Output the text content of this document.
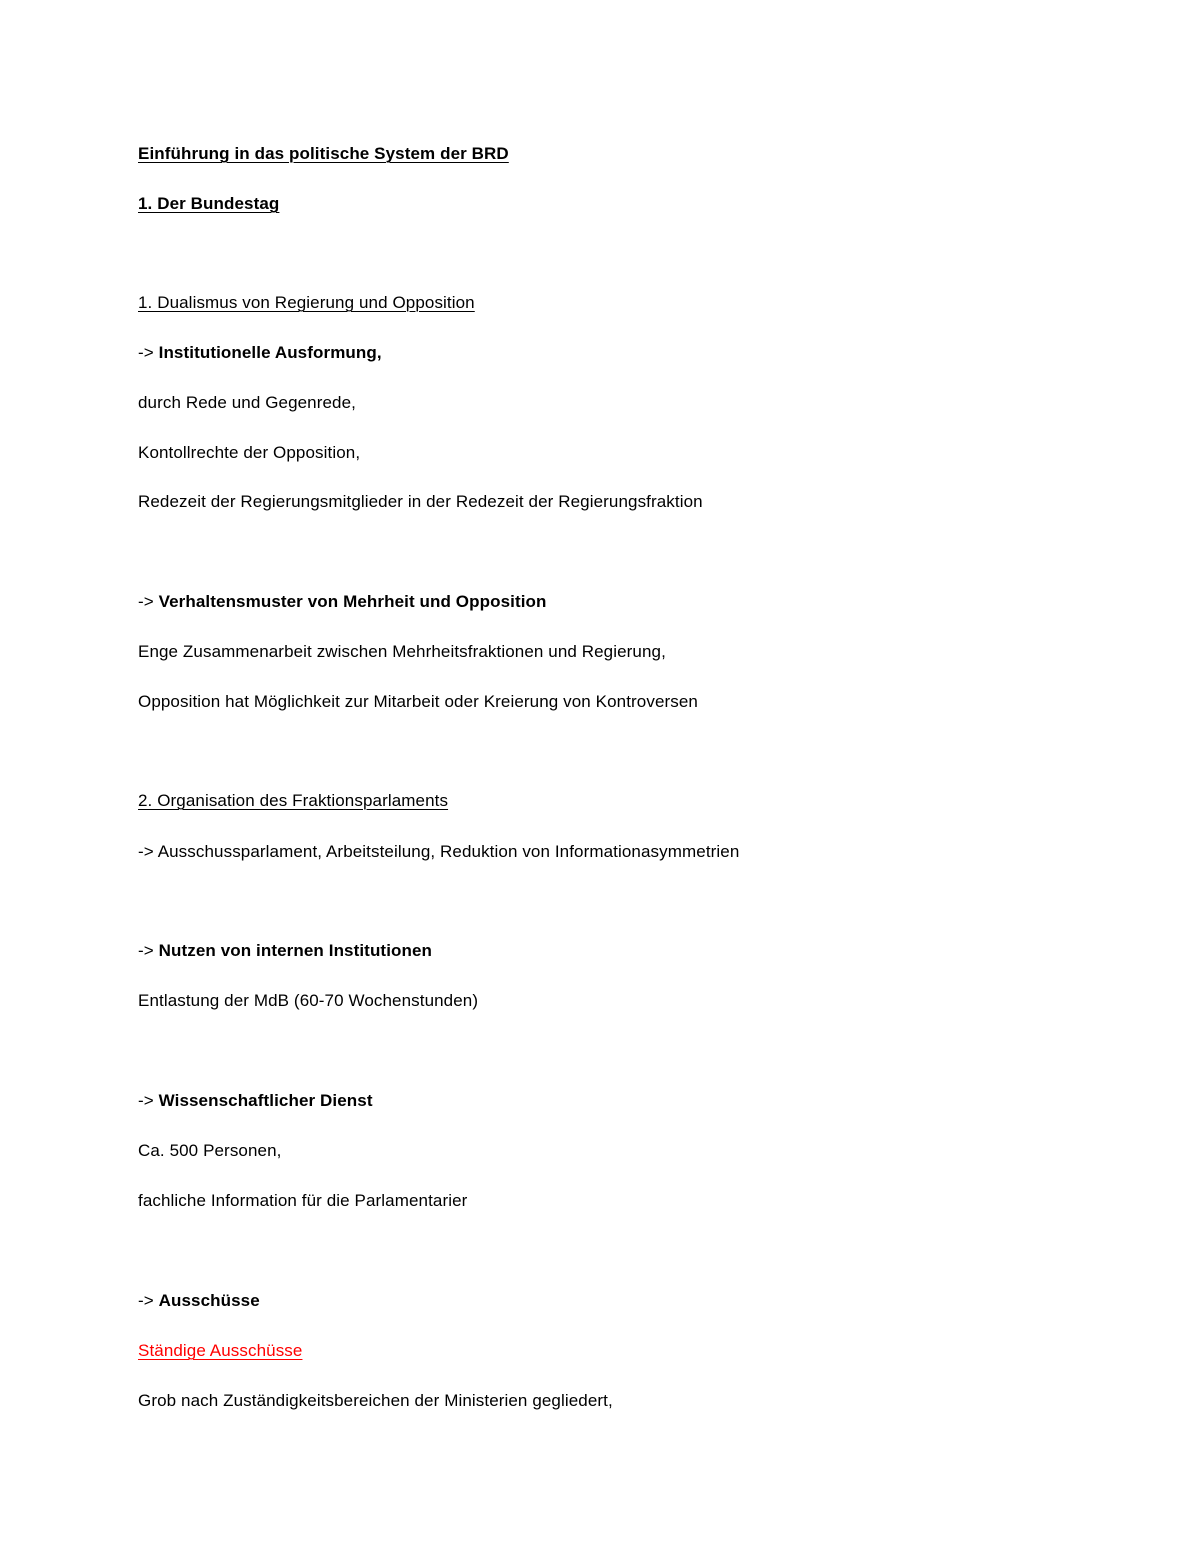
Einführung in das politische System der BRD
1. Der Bundestag
1. Dualismus von Regierung und Opposition
-> Institutionelle Ausformung,
durch Rede und Gegenrede,
Kontollrechte der Opposition,
Redezeit der Regierungsmitglieder in der Redezeit der Regierungsfraktion
-> Verhaltensmuster von Mehrheit und Opposition
Enge Zusammenarbeit zwischen Mehrheitsfraktionen und Regierung,
Opposition hat Möglichkeit zur Mitarbeit oder Kreierung von Kontroversen
2. Organisation des Fraktionsparlaments
-> Ausschussparlament, Arbeitsteilung, Reduktion von Informationasymmetrien
-> Nutzen von internen Institutionen
Entlastung der MdB (60-70 Wochenstunden)
-> Wissenschaftlicher Dienst
Ca. 500 Personen,
fachliche Information für die Parlamentarier
-> Ausschüsse
Ständige Ausschüsse
Grob nach Zuständigkeitsbereichen der Ministerien gegliedert,
